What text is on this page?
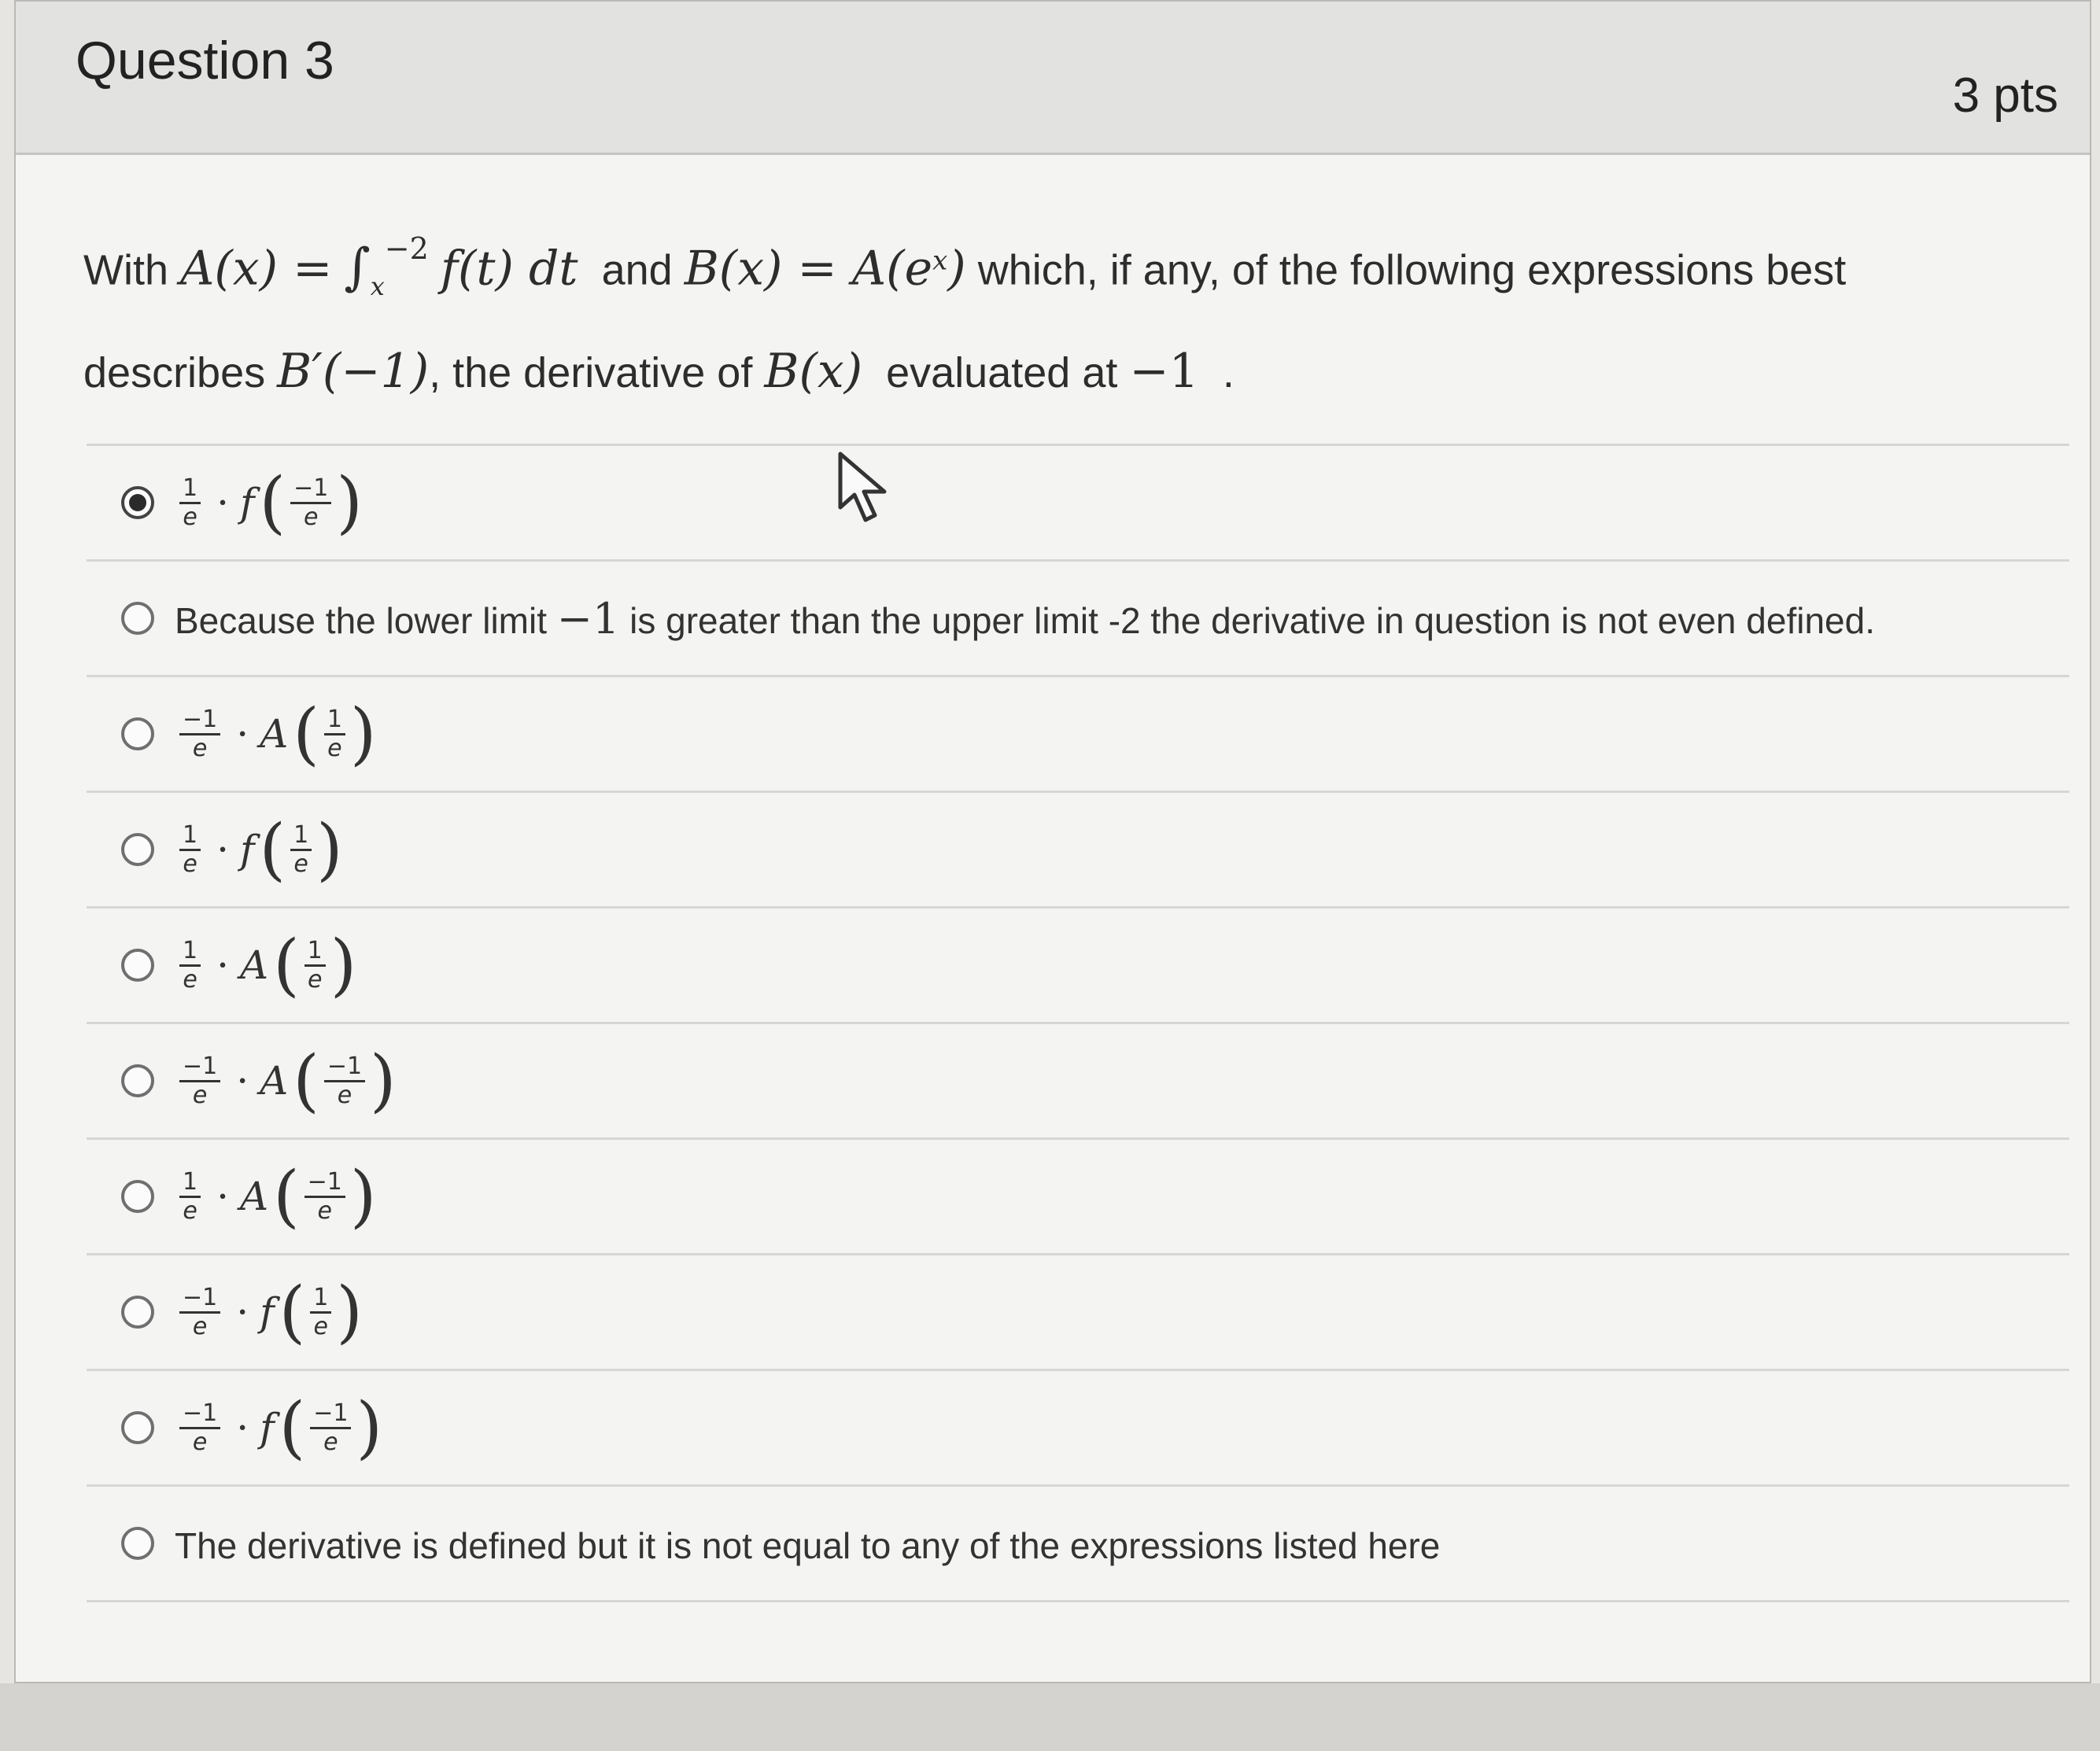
Question 3
3 pts
With $A(x) = \int_x^{-2}$ f(t) dt and $B(x) = A(e^x)$ which, if any, of the following expressions best
describes B′(−1), the derivative of B(x) evaluated at −1 .
$\frac{1}{e} \cdot f$ ( $\frac{-1}{e}$ )
Because the lower limit −1 is greater than the upper limit -2 the derivative in question is not even defined.
$\frac{-1}{e} \cdot A$ ( $\frac{1}{e}$ )
$\frac{1}{e} \cdot f$ ( $\frac{1}{e}$ )
$\frac{1}{e} \cdot A$ ( $\frac{1}{e}$ )
$\frac{-1}{e} \cdot A$ ( $\frac{-1}{e}$ )
$\frac{1}{e} \cdot A$ ( $\frac{-1}{e}$ )
$\frac{-1}{e} \cdot f$ ( $\frac{1}{e}$ )
$\frac{-1}{e} \cdot f$ ( $\frac{-1}{e}$ )
The derivative is defined but it is not equal to any of the expressions listed here
